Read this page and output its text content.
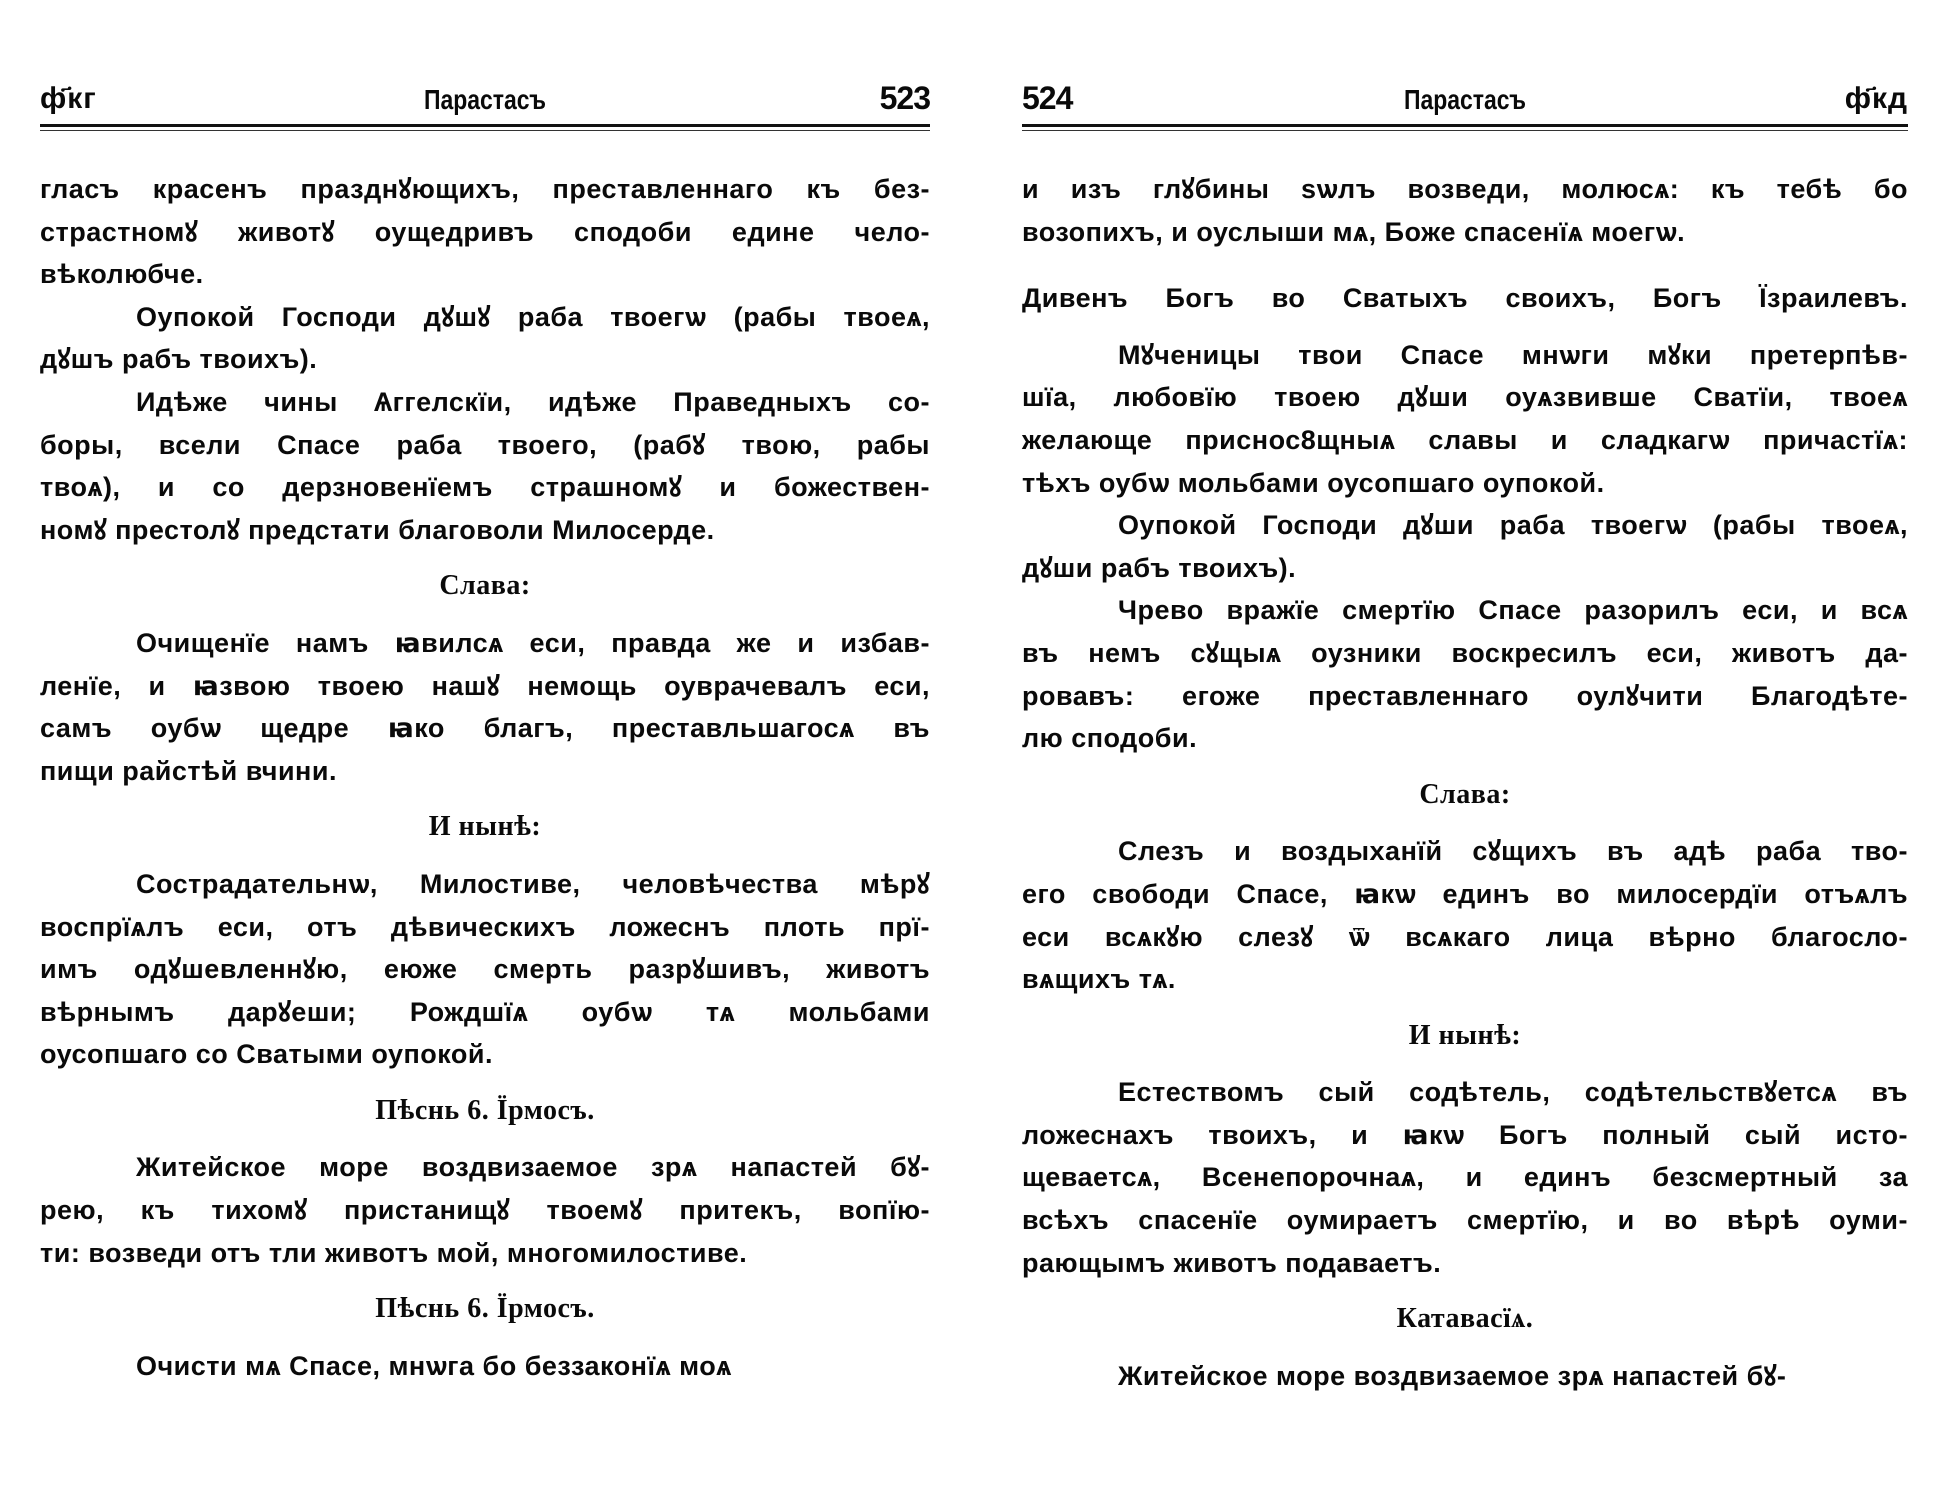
ф҃кг	Парастасъ	523
гласъ красенъ празднꙋющихъ, преставленнаго къ без-
страстномꙋ животꙋ оущедривъ сподоби едине чело-
вѣколюбче.
Оупокой Господи дꙋшꙋ раба твоегѡ (рабы твоеѧ,
дꙋшъ рабъ твоихъ).
Идѣже чины Ѧггелскїи, идѣже Праведныхъ со-
боры, всели Спасе раба твоего, (рабꙋ твою, рабы
твоѧ), и со дерзновенїемъ страшномꙋ и божествен-
номꙋ престолꙋ предстати благоволи Милосерде.
Слава:
Очищенїе намъ ꙗвилсѧ еси, правда же и избав-
ленїе, и ꙗзвою твоею нашꙋ немощь оуврачевалъ еси,
самъ оубѡ щедре ꙗко благъ, преставльшагосѧ въ
пищи райстѣй вчини.
И нынѣ:
Сострадательнѡ, Милостиве, человѣчества мѣрꙋ
воспрїѧлъ еси, отъ дѣвическихъ ложеснъ плоть прї-
имъ одꙋшевленнꙋю, еюже смерть разрꙋшивъ, животъ
вѣрнымъ дарꙋеши; Рождшїѧ оубѡ тѧ мольбами
оусопшаго со Сватыми оупокой.
Пѣснь 6. Їрмосъ.
Житейское море воздвизаемое зрѧ напастей бꙋ-
рею, къ тихомꙋ пристанищꙋ твоемꙋ притекъ, вопїю-
ти: возведи отъ тли животъ мой, многомилостиве.
Пѣснь 6. Їрмосъ.
Очисти мѧ Спасе, мнѡга бо беззаконїѧ моѧ
524	Парастасъ	ф҃кд
и изъ глꙋбины ѕѡлъ возведи, молюсѧ: къ тебѣ бо
возопихъ, и оуслыши мѧ, Боже спасенїѧ моегѡ.
Дивенъ Богъ во Сватыхъ своихъ, Богъ Їзраилевъ.
Мꙋченицы твои Спасе мнѡги мꙋки претерпѣв-
шїа, любовїю твоею дꙋши оуѧзвивше Сватїи, твоеѧ
желающе приснос8щныѧ славы и сладкагѡ причастїѧ:
тѣхъ оубѡ мольбами оусопшаго оупокой.
Оупокой Господи дꙋши раба твоегѡ (рабы твоеѧ,
дꙋши рабъ твоихъ).
Чрево вражїе смертїю Спасе разорилъ еси, и всѧ
въ немъ сꙋщыѧ оузники воскресилъ еси, животъ да-
ровавъ: егоже преставленнаго оулꙋчити Благодѣте-
лю сподоби.
Слава:
Слезъ и воздыханїй сꙋщихъ въ адѣ раба тво-
его свободи Спасе, ꙗкѡ единъ во милосердїи отъѧлъ
еси всѧкꙋю слезꙋ ѿ всѧкаго лица вѣрно благосло-
вѧщихъ тѧ.
И нынѣ:
Естествомъ сый содѣтель, содѣтельствꙋетсѧ въ
ложеснахъ твоихъ, и ꙗкѡ Богъ полный сый исто-
щеваетсѧ, Всенепорочнаѧ, и единъ безсмертный за
всѣхъ спасенїе оумираетъ смертїю, и во вѣрѣ оуми-
рающымъ животъ подаваетъ.
Катавасїѧ.
Житейское море воздвизаемое зрѧ напастей бꙋ-
